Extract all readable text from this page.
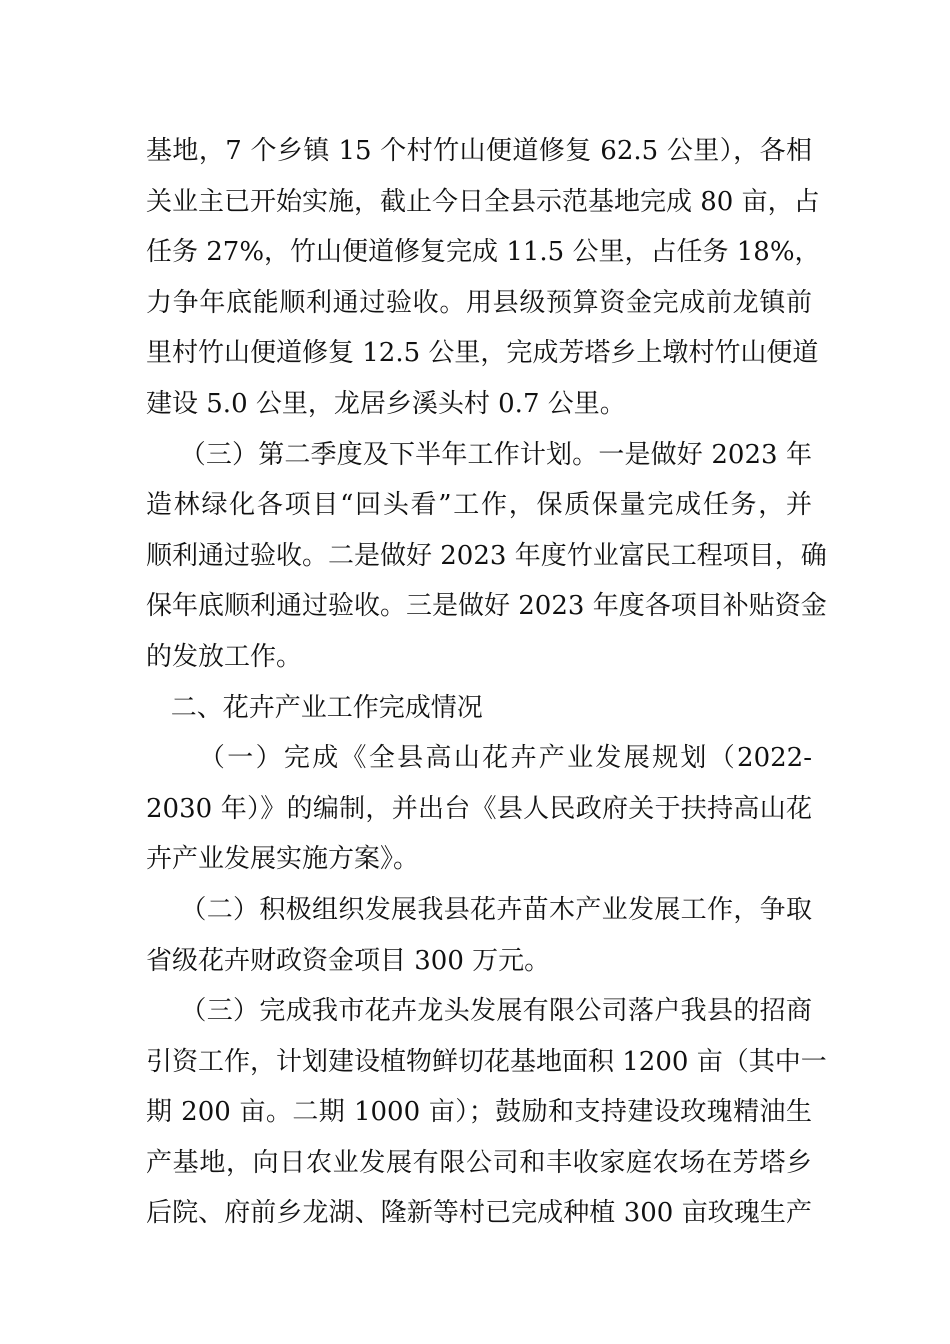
基地，7 个乡镇 15 个村竹山便道修复 62.5 公里），各相
关业主已开始实施，截止今日全县示范基地完成 80 亩，占
任务 27%，竹山便道修复完成 11.5 公里，占任务 18%，
力争年底能顺利通过验收。用县级预算资金完成前龙镇前
里村竹山便道修复 12.5 公里，完成芳塔乡上墩村竹山便道
建设 5.0 公里，龙居乡溪头村 0.7 公里。
（三）第二季度及下半年工作计划。一是做好 2023 年
造林绿化各项目“回头看”工作，保质保量完成任务，并
顺利通过验收。二是做好 2023 年度竹业富民工程项目，确
保年底顺利通过验收。三是做好 2023 年度各项目补贴资金
的发放工作。
二、花卉产业工作完成情况
（一）完成《全县高山花卉产业发展规划（2022-
2030 年）》的编制，并出台《县人民政府关于扶持高山花
卉产业发展实施方案》。
（二）积极组织发展我县花卉苗木产业发展工作，争取
省级花卉财政资金项目 300 万元。
（三）完成我市花卉龙头发展有限公司落户我县的招商
引资工作，计划建设植物鲜切花基地面积 1200 亩（其中一
期 200 亩。二期 1000 亩）；鼓励和支持建设玫瑰精油生
产基地，向日农业发展有限公司和丰收家庭农场在芳塔乡
后院、府前乡龙湖、隆新等村已完成种植 300 亩玫瑰生产
